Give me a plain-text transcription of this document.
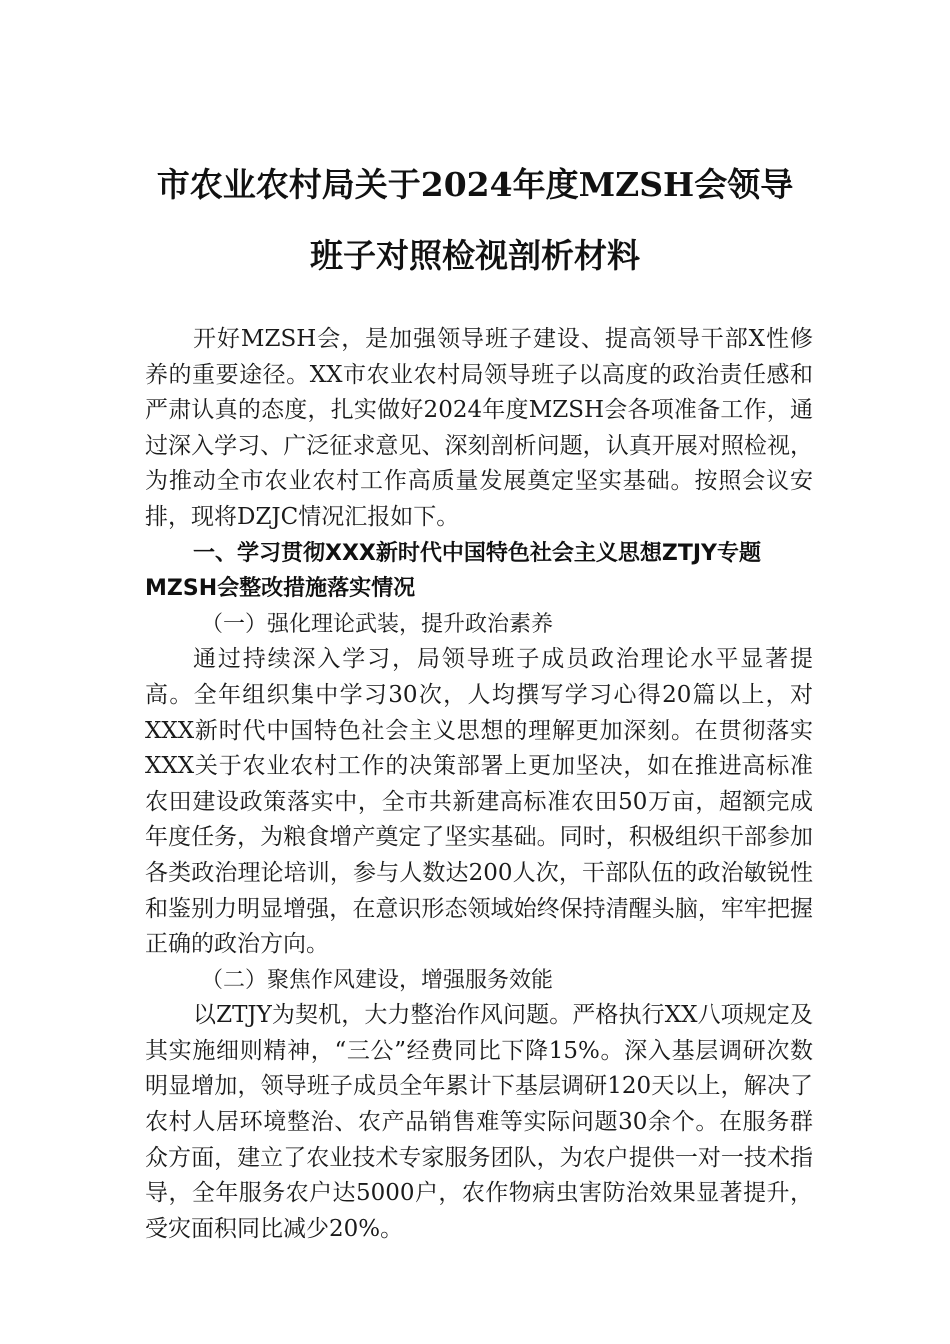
市农业农村局关于2024年度MZSH会领导
班子对照检视剖析材料

开好MZSH会，是加强领导班子建设、提高领导干部X性修养的重要途径。XX市农业农村局领导班子以高度的政治责任感和严肃认真的态度，扎实做好2024年度MZSH会各项准备工作，通过深入学习、广泛征求意见、深刻剖析问题，认真开展对照检视，为推动全市农业农村工作高质量发展奠定坚实基础。按照会议安排，现将DZJC情况汇报如下。

一、学习贯彻XXX新时代中国特色社会主义思想ZTJY专题MZSH会整改措施落实情况

（一）强化理论武装，提升政治素养

通过持续深入学习，局领导班子成员政治理论水平显著提高。全年组织集中学习30次，人均撰写学习心得20篇以上，对XXX新时代中国特色社会主义思想的理解更加深刻。在贯彻落实XXX关于农业农村工作的决策部署上更加坚决，如在推进高标准农田建设政策落实中，全市共新建高标准农田50万亩，超额完成年度任务，为粮食增产奠定了坚实基础。同时，积极组织干部参加各类政治理论培训，参与人数达200人次，干部队伍的政治敏锐性和鉴别力明显增强，在意识形态领域始终保持清醒头脑，牢牢把握正确的政治方向。

（二）聚焦作风建设，增强服务效能

以ZTJY为契机，大力整治作风问题。严格执行XX八项规定及其实施细则精神，“三公”经费同比下降15%。深入基层调研次数明显增加，领导班子成员全年累计下基层调研120天以上，解决了农村人居环境整治、农产品销售难等实际问题30余个。在服务群众方面，建立了农业技术专家服务团队，为农户提供一对一技术指导，全年服务农户达5000户，农作物病虫害防治效果显著提升，受灾面积同比减少20%。
